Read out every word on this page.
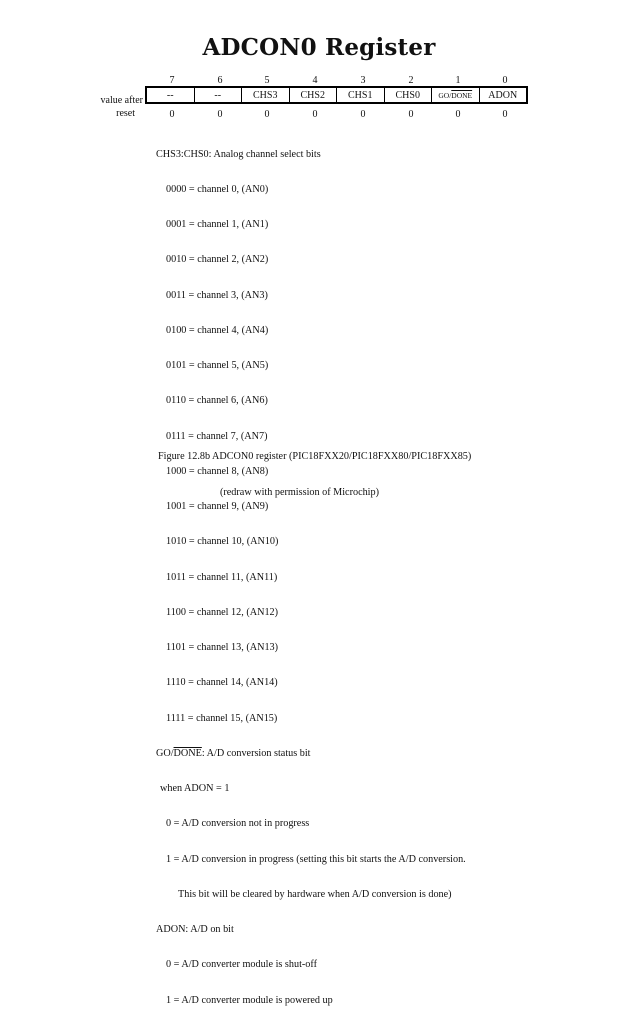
ADCON0 Register
7	6	5	4	3	2	1	0
--	--	CHS3	CHS2	CHS1	CHS0	GO/ DONE	ADON
value after
reset	0	0	0	0	0	0	0	0

CHS3:CHS0: Analog channel select bits

0000 = channel 0, (AN0)

0001 = channel 1, (AN1)

0010 = channel 2, (AN2)

0011 = channel 3, (AN3)

0100 = channel 4, (AN4)

0101 = channel 5, (AN5)

0110 = channel 6, (AN6)

0111 = channel 7, (AN7)

1000 = channel 8, (AN8)

1001 = channel 9, (AN9)

1010 = channel 10, (AN10)

1011 = channel 11, (AN11)

1100 = channel 12, (AN12)

1101 = channel 13, (AN13)

1110 = channel 14, (AN14)

1111 = channel 15, (AN15)

GO/DONE: A/D conversion status bit

when ADON = 1

0 = A/D conversion not in progress

1 = A/D conversion in progress (setting this bit starts the A/D conversion.

This bit will be cleared by hardware when A/D conversion is done)

ADON: A/D on bit

0 = A/D converter module is shut-off

1 = A/D converter module is powered up

Figure 12.8b ADCON0 register (PIC18FXX20/PIC18FXX80/PIC18FXX85)

(redraw with permission of Microchip)
